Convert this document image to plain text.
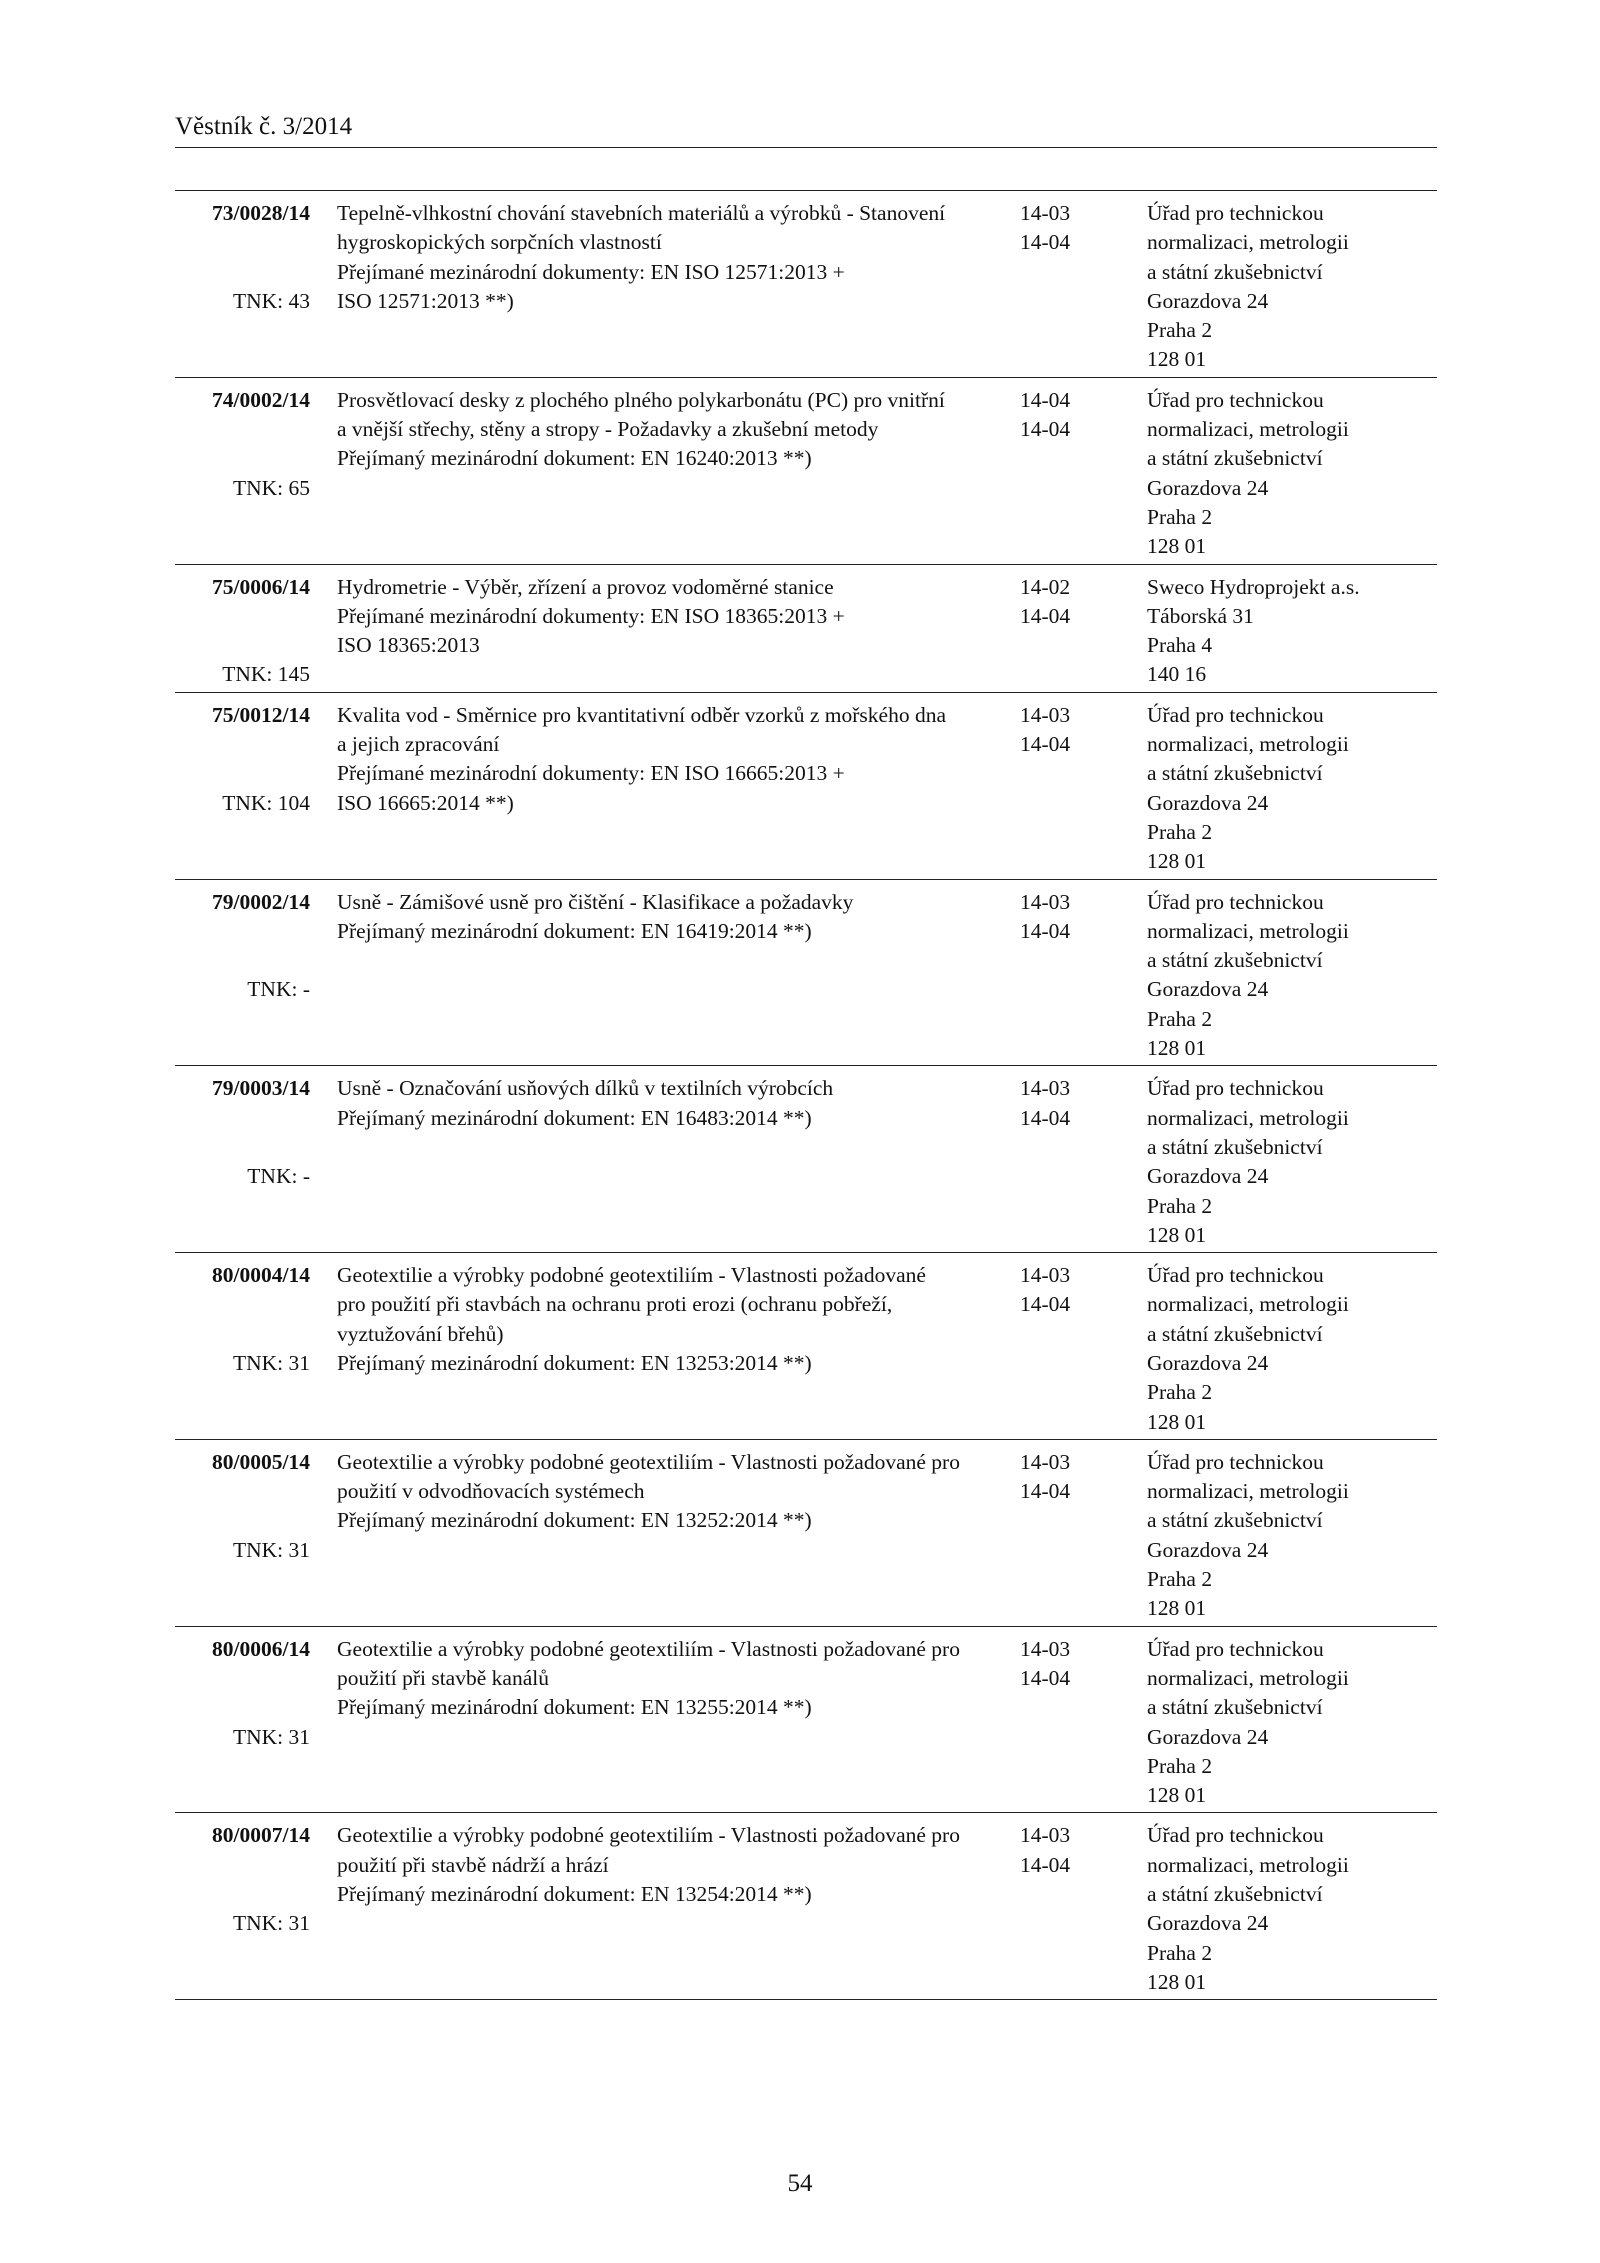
Věstník č. 3/2014
73/0028/14
TNK: 43
Tepelně-vlhkostní chování stavebních materiálů a výrobků - Stanovení
hygroskopických sorpčních vlastností
Přejímané mezinárodní dokumenty: EN ISO 12571:2013 +
ISO 12571:2013 **)
14-03
14-04
Úřad pro technickou
normalizaci, metrologii
a státní zkušebnictví
Gorazdova 24
Praha 2
128 01
74/0002/14
TNK: 65
Prosvětlovací desky z plochého plného polykarbonátu (PC) pro vnitřní
a vnější střechy, stěny a stropy - Požadavky a zkušební metody
Přejímaný mezinárodní dokument: EN 16240:2013 **)
14-04
14-04
Úřad pro technickou
normalizaci, metrologii
a státní zkušebnictví
Gorazdova 24
Praha 2
128 01
75/0006/14
TNK: 145
Hydrometrie - Výběr, zřízení a provoz vodoměrné stanice
Přejímané mezinárodní dokumenty: EN ISO 18365:2013 +
ISO 18365:2013
14-02
14-04
Sweco Hydroprojekt a.s.
Táborská 31
Praha 4
140 16
75/0012/14
TNK: 104
Kvalita vod - Směrnice pro kvantitativní odběr vzorků z mořského dna
a jejich zpracování
Přejímané mezinárodní dokumenty: EN ISO 16665:2013 +
ISO 16665:2014 **)
14-03
14-04
Úřad pro technickou
normalizaci, metrologii
a státní zkušebnictví
Gorazdova 24
Praha 2
128 01
79/0002/14
TNK: -
Usně - Zámišové usně pro čištění - Klasifikace a požadavky
Přejímaný mezinárodní dokument: EN 16419:2014 **)
14-03
14-04
Úřad pro technickou
normalizaci, metrologii
a státní zkušebnictví
Gorazdova 24
Praha 2
128 01
79/0003/14
TNK: -
Usně - Označování usňových dílků v textilních výrobcích
Přejímaný mezinárodní dokument: EN 16483:2014 **)
14-03
14-04
Úřad pro technickou
normalizaci, metrologii
a státní zkušebnictví
Gorazdova 24
Praha 2
128 01
80/0004/14
TNK: 31
Geotextilie a výrobky podobné geotextiliím - Vlastnosti požadované
pro použití při stavbách na ochranu proti erozi (ochranu pobřeží,
vyztužování břehů)
Přejímaný mezinárodní dokument: EN 13253:2014 **)
14-03
14-04
Úřad pro technickou
normalizaci, metrologii
a státní zkušebnictví
Gorazdova 24
Praha 2
128 01
80/0005/14
TNK: 31
Geotextilie a výrobky podobné geotextiliím - Vlastnosti požadované pro
použití v odvodňovacích systémech
Přejímaný mezinárodní dokument: EN 13252:2014 **)
14-03
14-04
Úřad pro technickou
normalizaci, metrologii
a státní zkušebnictví
Gorazdova 24
Praha 2
128 01
80/0006/14
TNK: 31
Geotextilie a výrobky podobné geotextiliím - Vlastnosti požadované pro
použití při stavbě kanálů
Přejímaný mezinárodní dokument: EN 13255:2014 **)
14-03
14-04
Úřad pro technickou
normalizaci, metrologii
a státní zkušebnictví
Gorazdova 24
Praha 2
128 01
80/0007/14
TNK: 31
Geotextilie a výrobky podobné geotextiliím - Vlastnosti požadované pro
použití při stavbě nádrží a hrází
Přejímaný mezinárodní dokument: EN 13254:2014 **)
14-03
14-04
Úřad pro technickou
normalizaci, metrologii
a státní zkušebnictví
Gorazdova 24
Praha 2
128 01
54
